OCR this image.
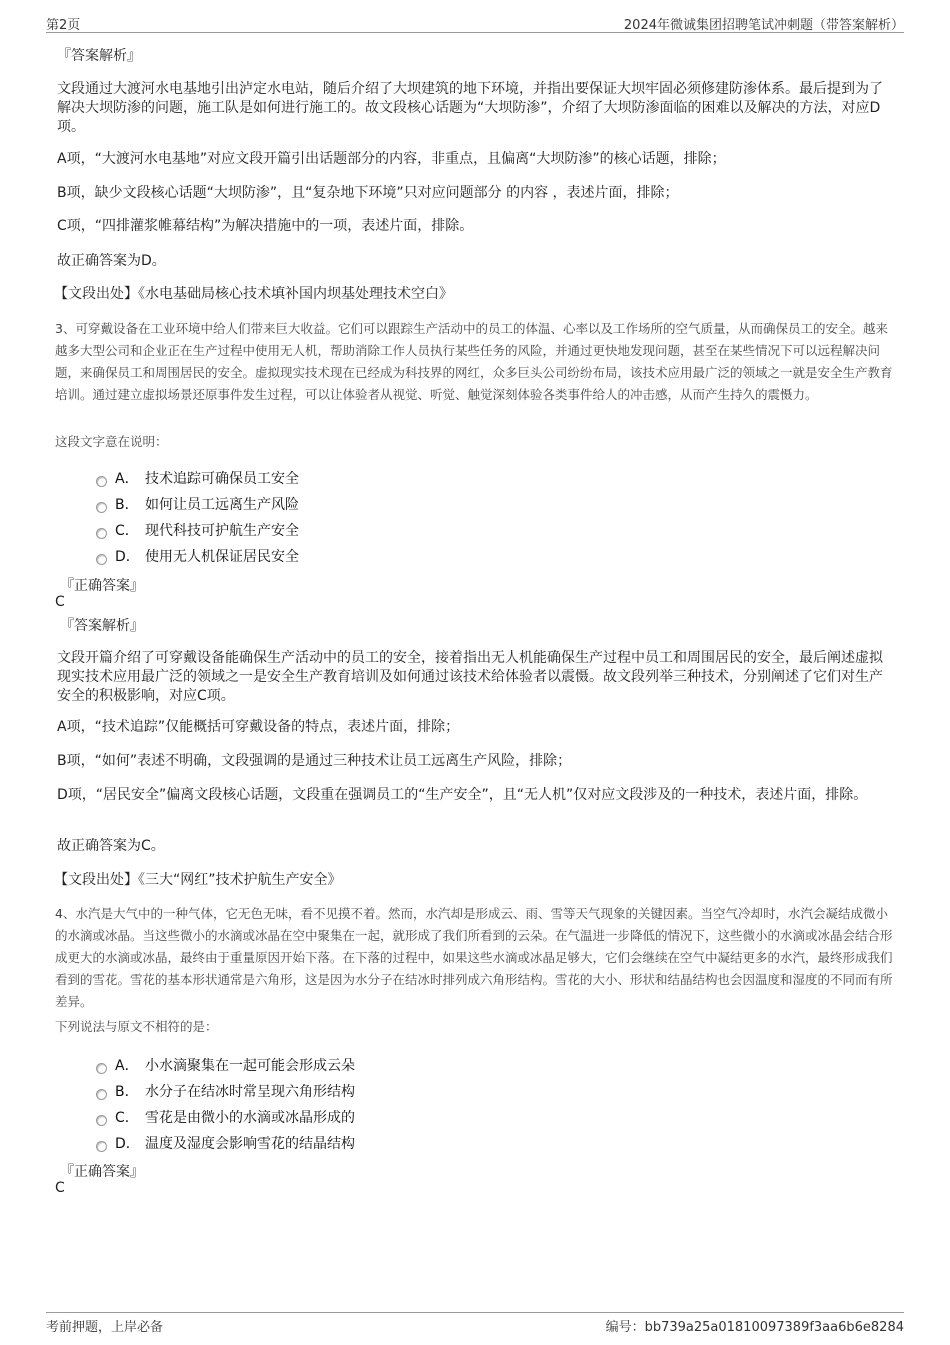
第2页	2024年微诚集团招聘笔试冲刺题（带答案解析）
『答案解析』
文段通过大渡河水电基地引出泸定水电站，随后介绍了大坝建筑的地下环境，并指出要保证大坝牢固必须修建防渗体系。最后提到为了解决大坝防渗的问题，施工队是如何进行施工的。故文段核心话题为“大坝防渗”，介绍了大坝防渗面临的困难以及解决的方法，对应D项。
A项，“大渡河水电基地”对应文段开篇引出话题部分的内容，非重点，且偏离“大坝防渗”的核心话题，排除；
B项，缺少文段核心话题“大坝防渗”，且“复杂地下环境”只对应问题部分 的内容 ，表述片面，排除；
C项，“四排灌浆帷幕结构”为解决措施中的一项，表述片面，排除。
故正确答案为D。
【文段出处】《水电基础局核心技术填补国内坝基处理技术空白》
3、可穿戴设备在工业环境中给人们带来巨大收益。它们可以跟踪生产活动中的员工的体温、心率以及工作场所的空气质量，从而确保员工的安全。越来越多大型公司和企业正在生产过程中使用无人机，帮助消除工作人员执行某些任务的风险，并通过更快地发现问题，甚至在某些情况下可以远程解决问题，来确保员工和周围居民的安全。虚拟现实技术现在已经成为科技界的网红，众多巨头公司纷纷布局，该技术应用最广泛的领域之一就是安全生产教育培训。通过建立虚拟场景还原事件发生过程，可以让体验者从视觉、听觉、触觉深刻体验各类事件给人的冲击感，从而产生持久的震慑力。
这段文字意在说明：
A． 技术追踪可确保员工安全
B． 如何让员工远离生产风险
C． 现代科技可护航生产安全
D． 使用无人机保证居民安全
『正确答案』
C
『答案解析』
文段开篇介绍了可穿戴设备能确保生产活动中的员工的安全，接着指出无人机能确保生产过程中员工和周围居民的安全，最后阐述虚拟现实技术应用最广泛的领域之一是安全生产教育培训及如何通过该技术给体验者以震慑。故文段列举三种技术，分别阐述了它们对生产安全的积极影响，对应C项。
A项，“技术追踪”仅能概括可穿戴设备的特点，表述片面，排除；
B项，“如何”表述不明确，文段强调的是通过三种技术让员工远离生产风险，排除；
D项，“居民安全”偏离文段核心话题，文段重在强调员工的“生产安全”，且“无人机”仅对应文段涉及的一种技术，表述片面，排除。
故正确答案为C。
【文段出处】《三大“网红”技术护航生产安全》
4、水汽是大气中的一种气体，它无色无味，看不见摸不着。然而，水汽却是形成云、雨、雪等天气现象的关键因素。当空气冷却时，水汽会凝结成微小的水滴或冰晶。当这些微小的水滴或冰晶在空中聚集在一起，就形成了我们所看到的云朵。在气温进一步降低的情况下，这些微小的水滴或冰晶会结合形成更大的水滴或冰晶，最终由于重量原因开始下落。在下落的过程中，如果这些水滴或冰晶足够大，它们会继续在空气中凝结更多的水汽，最终形成我们看到的雪花。雪花的基本形状通常是六角形，这是因为水分子在结冰时排列成六角形结构。雪花的大小、形状和结晶结构也会因温度和湿度的不同而有所差异。
下列说法与原文不相符的是：
A． 小水滴聚集在一起可能会形成云朵
B． 水分子在结冰时常呈现六角形结构
C． 雪花是由微小的水滴或冰晶形成的
D． 温度及湿度会影响雪花的结晶结构
『正确答案』
C
考前押题，上岸必备	编号：bb739a25a01810097389f3aa6b6e8284
